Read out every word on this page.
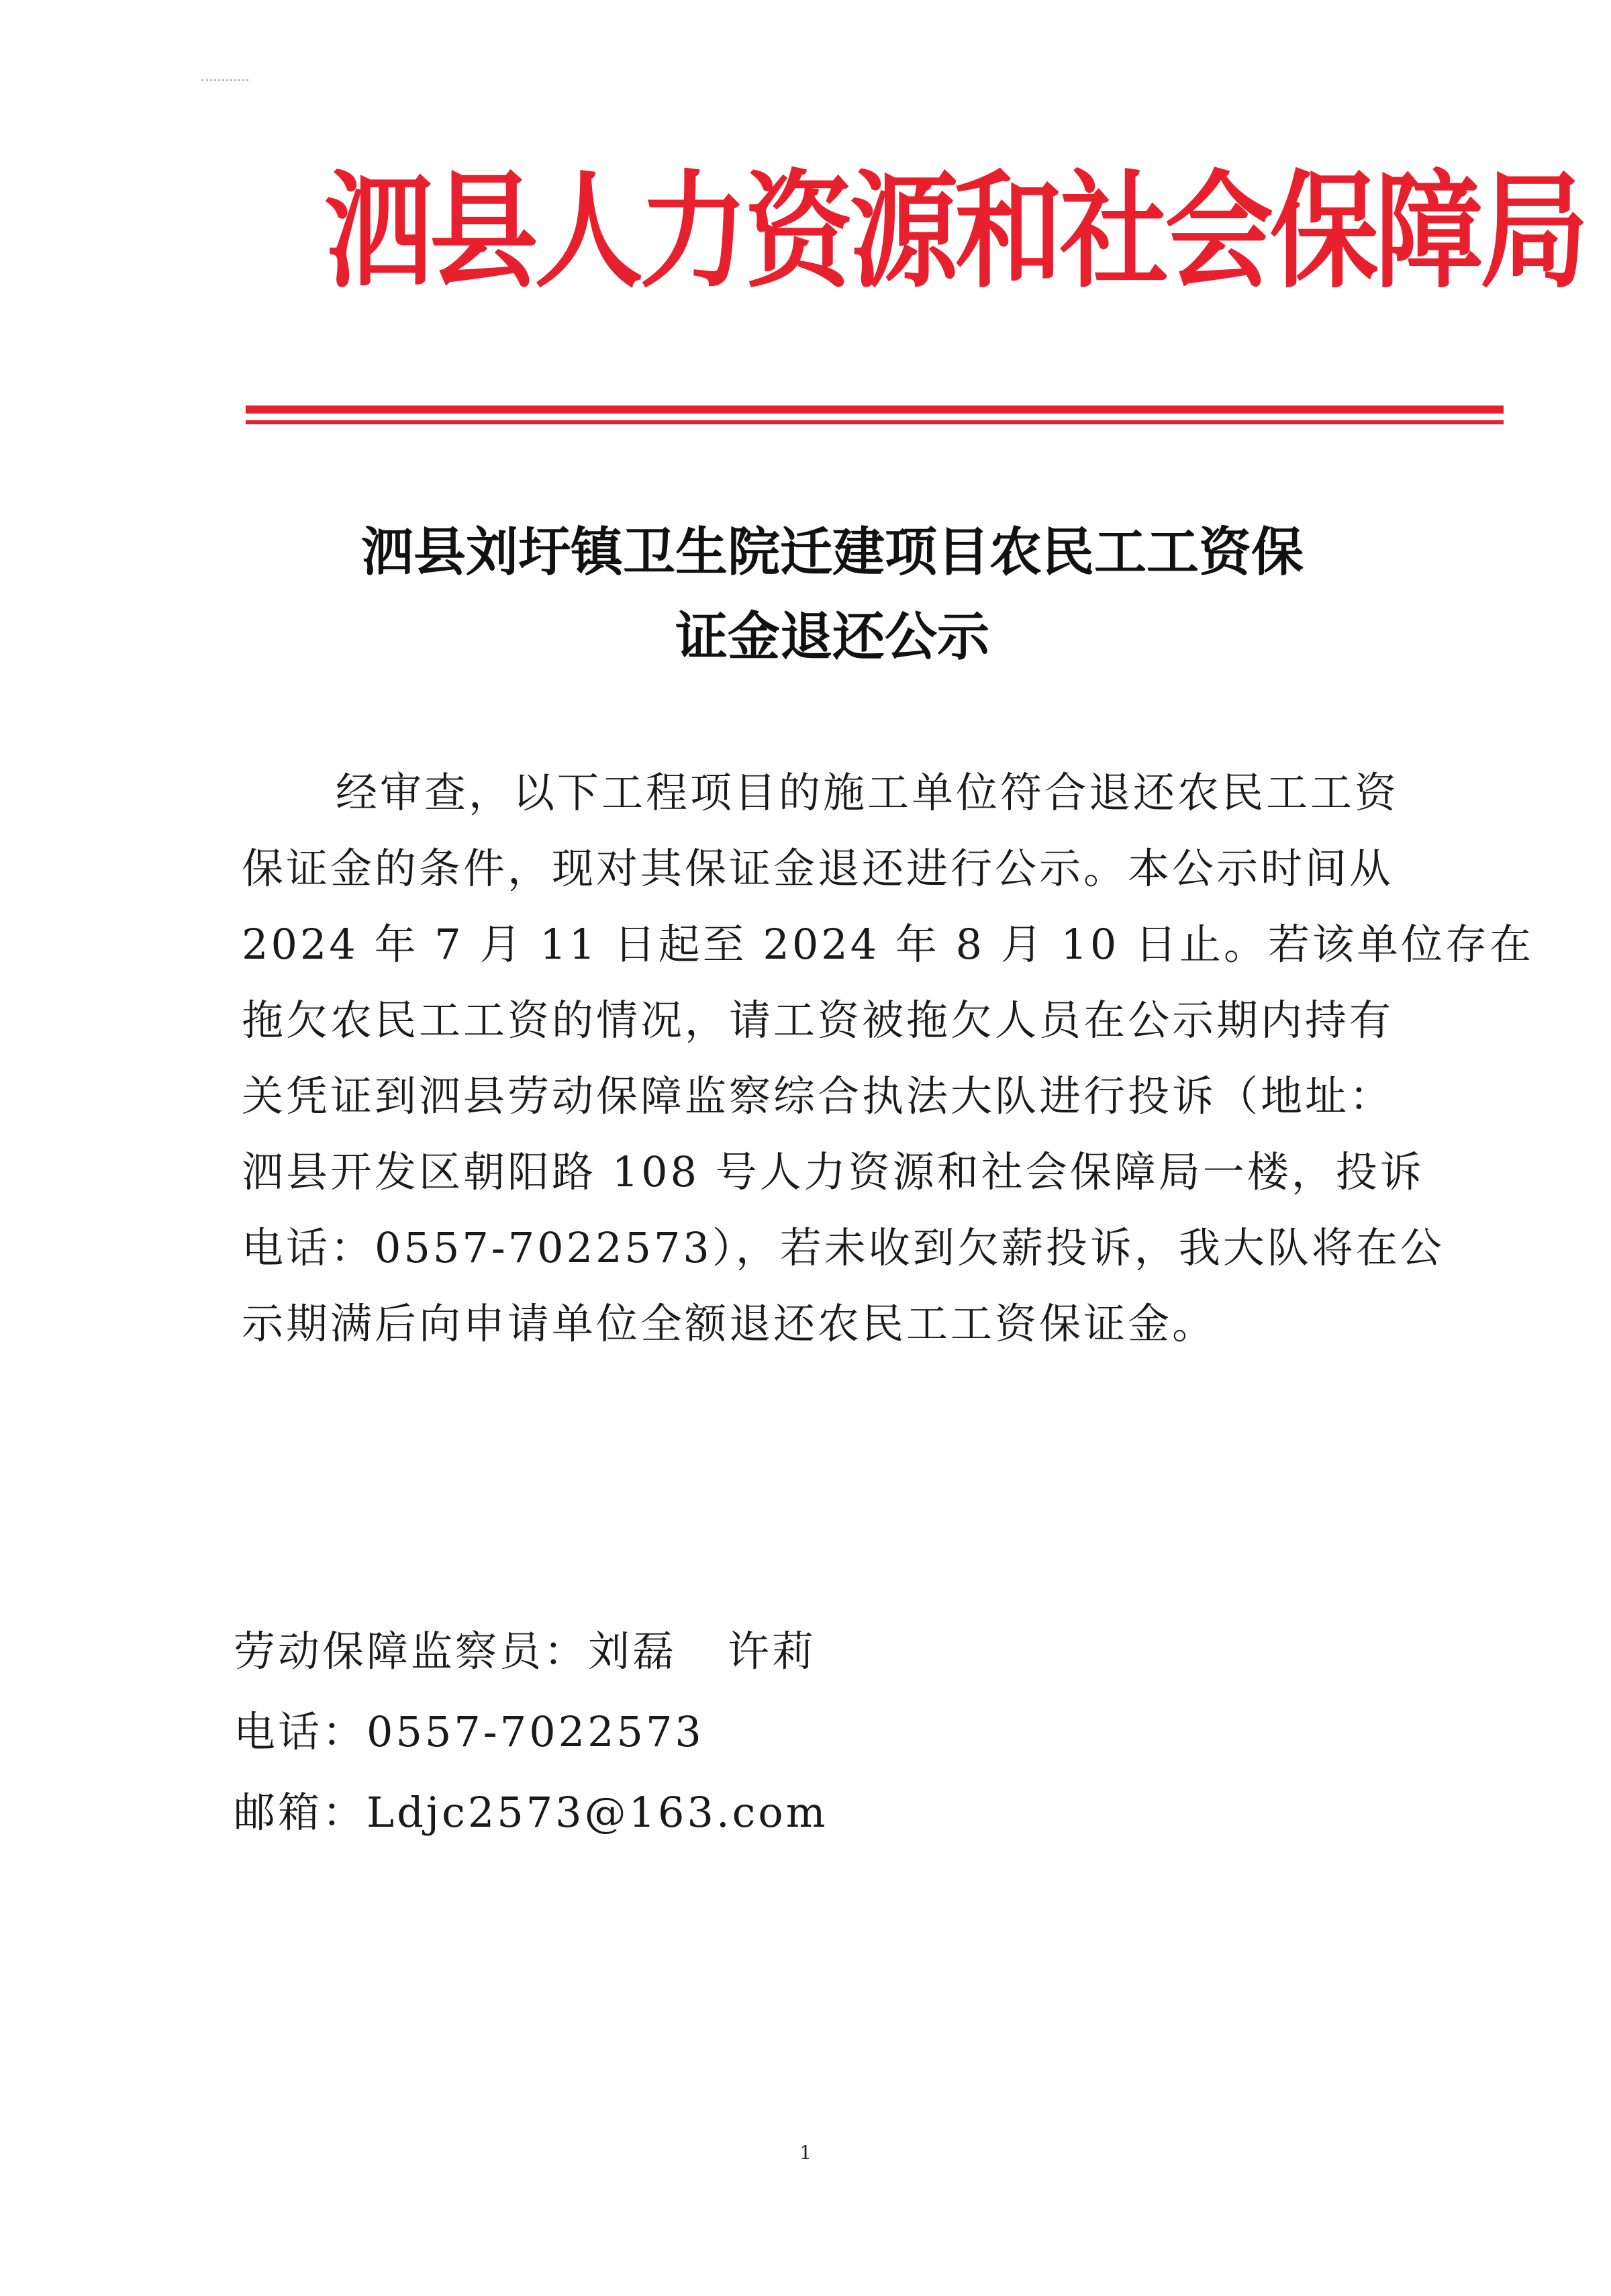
泗县人力资源和社会保障局
泗县刘圩镇卫生院迁建项目农民工工资保
证金退还公示
经审查，以下工程项目的施工单位符合退还农民工工资
保证金的条件，现对其保证金退还进行公示。本公示时间从
2024 年 7 月 11 日起至 2024 年 8 月 10 日止。若该单位存在
拖欠农民工工资的情况，请工资被拖欠人员在公示期内持有
关凭证到泗县劳动保障监察综合执法大队进行投诉（地址：
泗县开发区朝阳路 108 号人力资源和社会保障局一楼，投诉
电话：0557-7022573），若未收到欠薪投诉，我大队将在公
示期满后向申请单位全额退还农民工工资保证金。
劳动保障监察员：刘磊 许莉
电话：0557-7022573
邮箱：Ldjc2573@163.com
1
